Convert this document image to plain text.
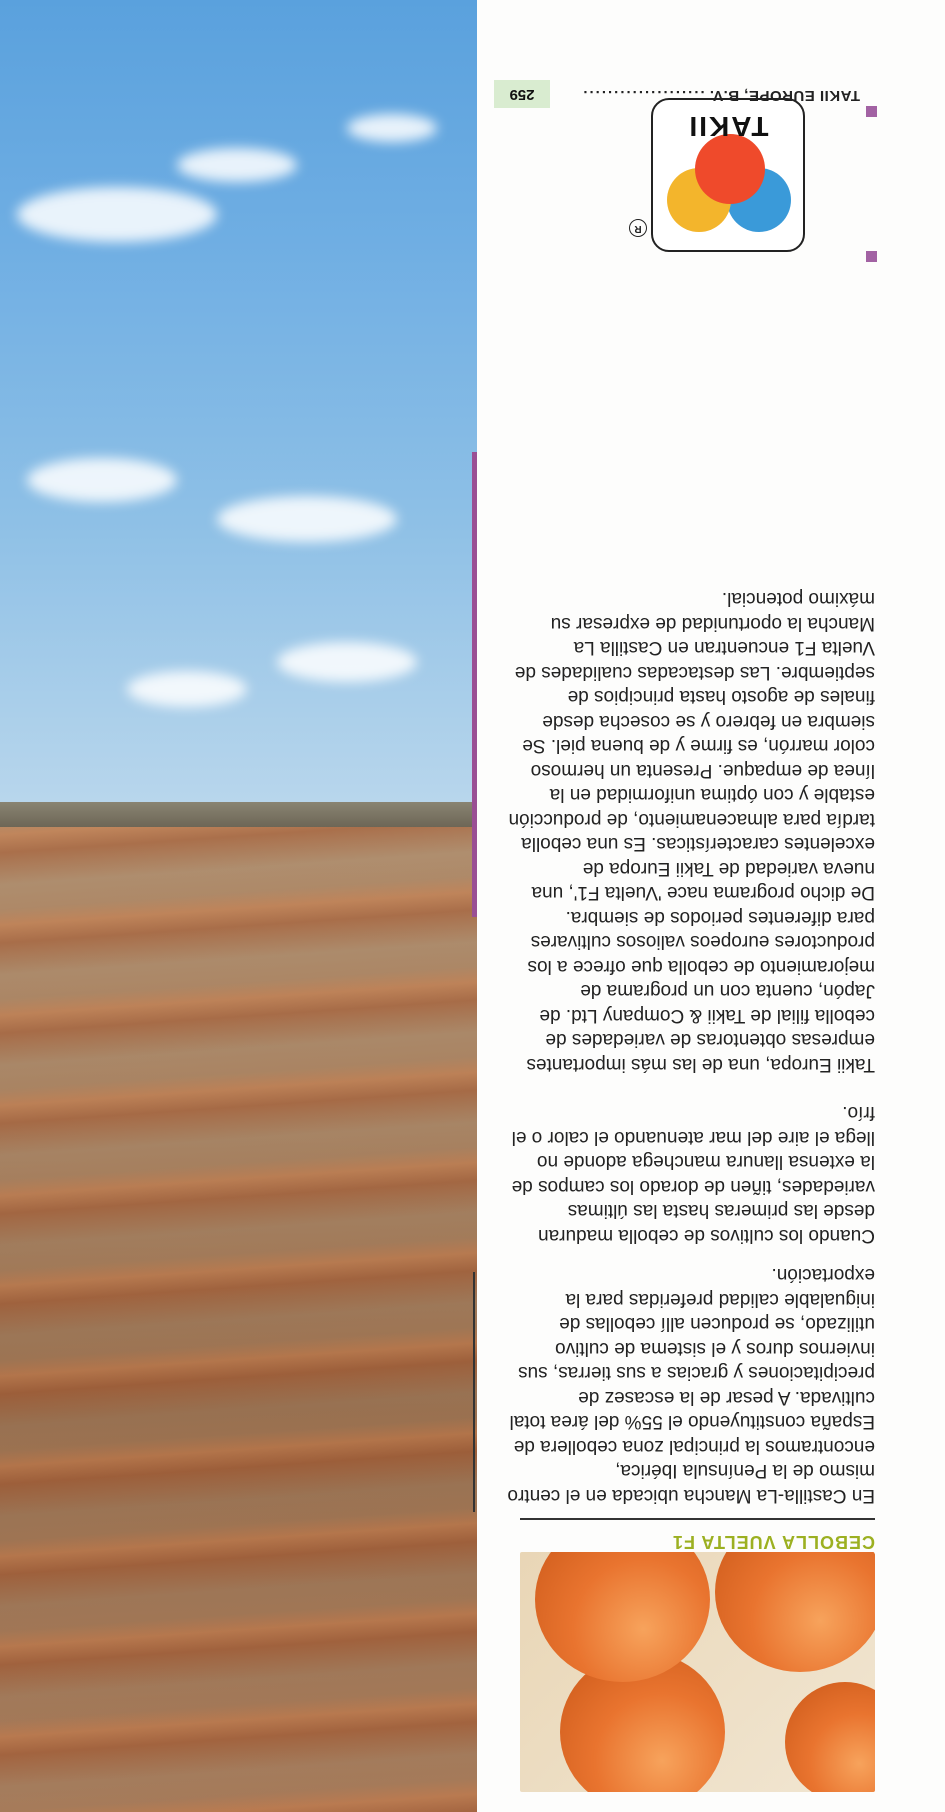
CEBOLLA VUELTA F1

En Castilla-La Mancha ubicada en el centro mismo de la Península Ibérica, encontramos la principal zona cebollera de España constituyendo el 55% del área total cultivada. A pesar de la escasez de precipitaciones y gracias a sus tierras, sus inviernos duros y el sistema de cultivo utilizado, se producen allí cebollas de inigualable calidad preferidas para la exportación.

Cuando los cultivos de cebolla maduran desde las primeras hasta las últimas variedades, tiñen de dorado los campos de la extensa llanura manchega adonde no llega el aire del mar atenuando el calor o el frío.

Takii Europa, una de las más importantes empresas obtentoras de variedades de cebolla filial de Takii & Company Ltd. de Japón, cuenta con un programa de mejoramiento de cebolla que ofrece a los productores europeos valiosos cultivares para diferentes periodos de siembra.

De dicho programa nace 'Vuelta F1', una nueva variedad de Takii Europa de excelentes características. Es una cebolla tardía para almacenamiento, de producción estable y con óptima uniformidad en la línea de empaque. Presenta un hermoso color marrón, es firme y de buena piel. Se siembra en febrero y se cosecha desde finales de agosto hasta principios de septiembre. Las destacadas cualidades de Vuelta F1 encuentran en Castilla La Mancha la oportunidad de expresar su máximo potencial.

TAKII
R
TAKII EUROPE, B.V. ....................
259
